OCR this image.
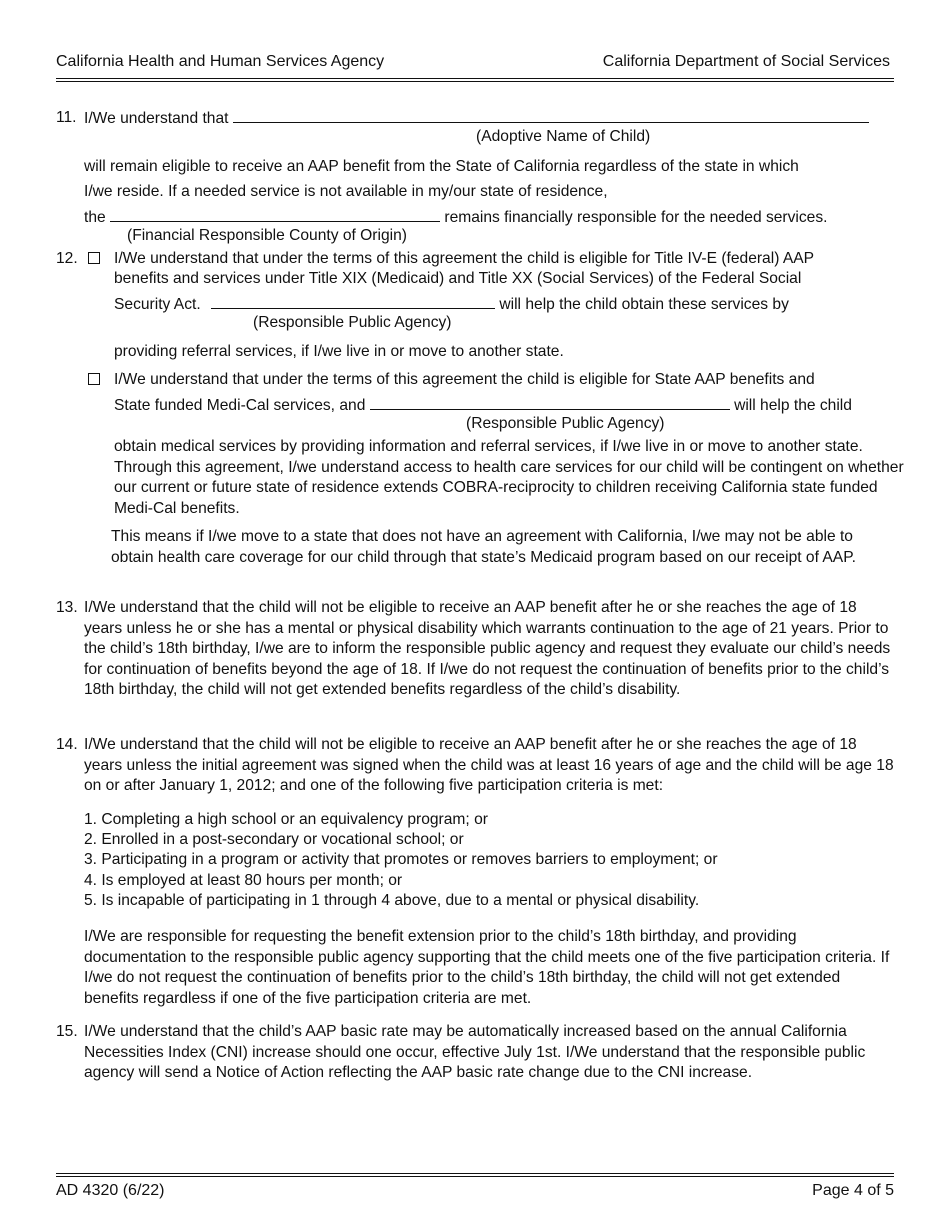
California Health and Human Services Agency	California Department of Social Services
11. I/We understand that
(Adoptive Name of Child)
will remain eligible to receive an AAP benefit from the State of California regardless of the state in which
I/we reside. If a needed service is not available in my/our state of residence,
the	remains financially responsible for the needed services.
(Financial Responsible County of Origin)
12. I/We understand that under the terms of this agreement the child is eligible for Title IV-E (federal) AAP
benefits and services under Title XIX (Medicaid) and Title XX (Social Services) of the Federal Social
Security Act.	will help the child obtain these services by
(Responsible Public Agency)
providing referral services, if I/we live in or move to another state.
I/We understand that under the terms of this agreement the child is eligible for State AAP benefits and
State funded Medi-Cal services, and	will help the child
(Responsible Public Agency)
obtain medical services by providing information and referral services, if I/we live in or move to another state. Through this agreement, I/we understand access to health care services for our child will be contingent on whether our current or future state of residence extends COBRA-reciprocity to children receiving California state funded Medi-Cal benefits.
This means if I/we move to a state that does not have an agreement with California, I/we may not be able to obtain health care coverage for our child through that state’s Medicaid program based on our receipt of AAP.
13. I/We understand that the child will not be eligible to receive an AAP benefit after he or she reaches the age of 18 years unless he or she has a mental or physical disability which warrants continuation to the age of 21 years. Prior to the child’s 18th birthday, I/we are to inform the responsible public agency and request they evaluate our child’s needs for continuation of benefits beyond the age of 18. If I/we do not request the continuation of benefits prior to the child’s 18th birthday, the child will not get extended benefits regardless of the child’s disability.
14. I/We understand that the child will not be eligible to receive an AAP benefit after he or she reaches the age of 18 years unless the initial agreement was signed when the child was at least 16 years of age and the child will be age 18 on or after January 1, 2012; and one of the following five participation criteria is met:
1. Completing a high school or an equivalency program; or
2. Enrolled in a post-secondary or vocational school; or
3. Participating in a program or activity that promotes or removes barriers to employment; or
4. Is employed at least 80 hours per month; or
5. Is incapable of participating in 1 through 4 above, due to a mental or physical disability.
I/We are responsible for requesting the benefit extension prior to the child’s 18th birthday, and providing documentation to the responsible public agency supporting that the child meets one of the five participation criteria. If I/we do not request the continuation of benefits prior to the child’s 18th birthday, the child will not get extended benefits regardless if one of the five participation criteria are met.
15. I/We understand that the child’s AAP basic rate may be automatically increased based on the annual California Necessities Index (CNI) increase should one occur, effective July 1st. I/We understand that the responsible public agency will send a Notice of Action reflecting the AAP basic rate change due to the CNI increase.
AD 4320 (6/22)	Page 4 of 5
